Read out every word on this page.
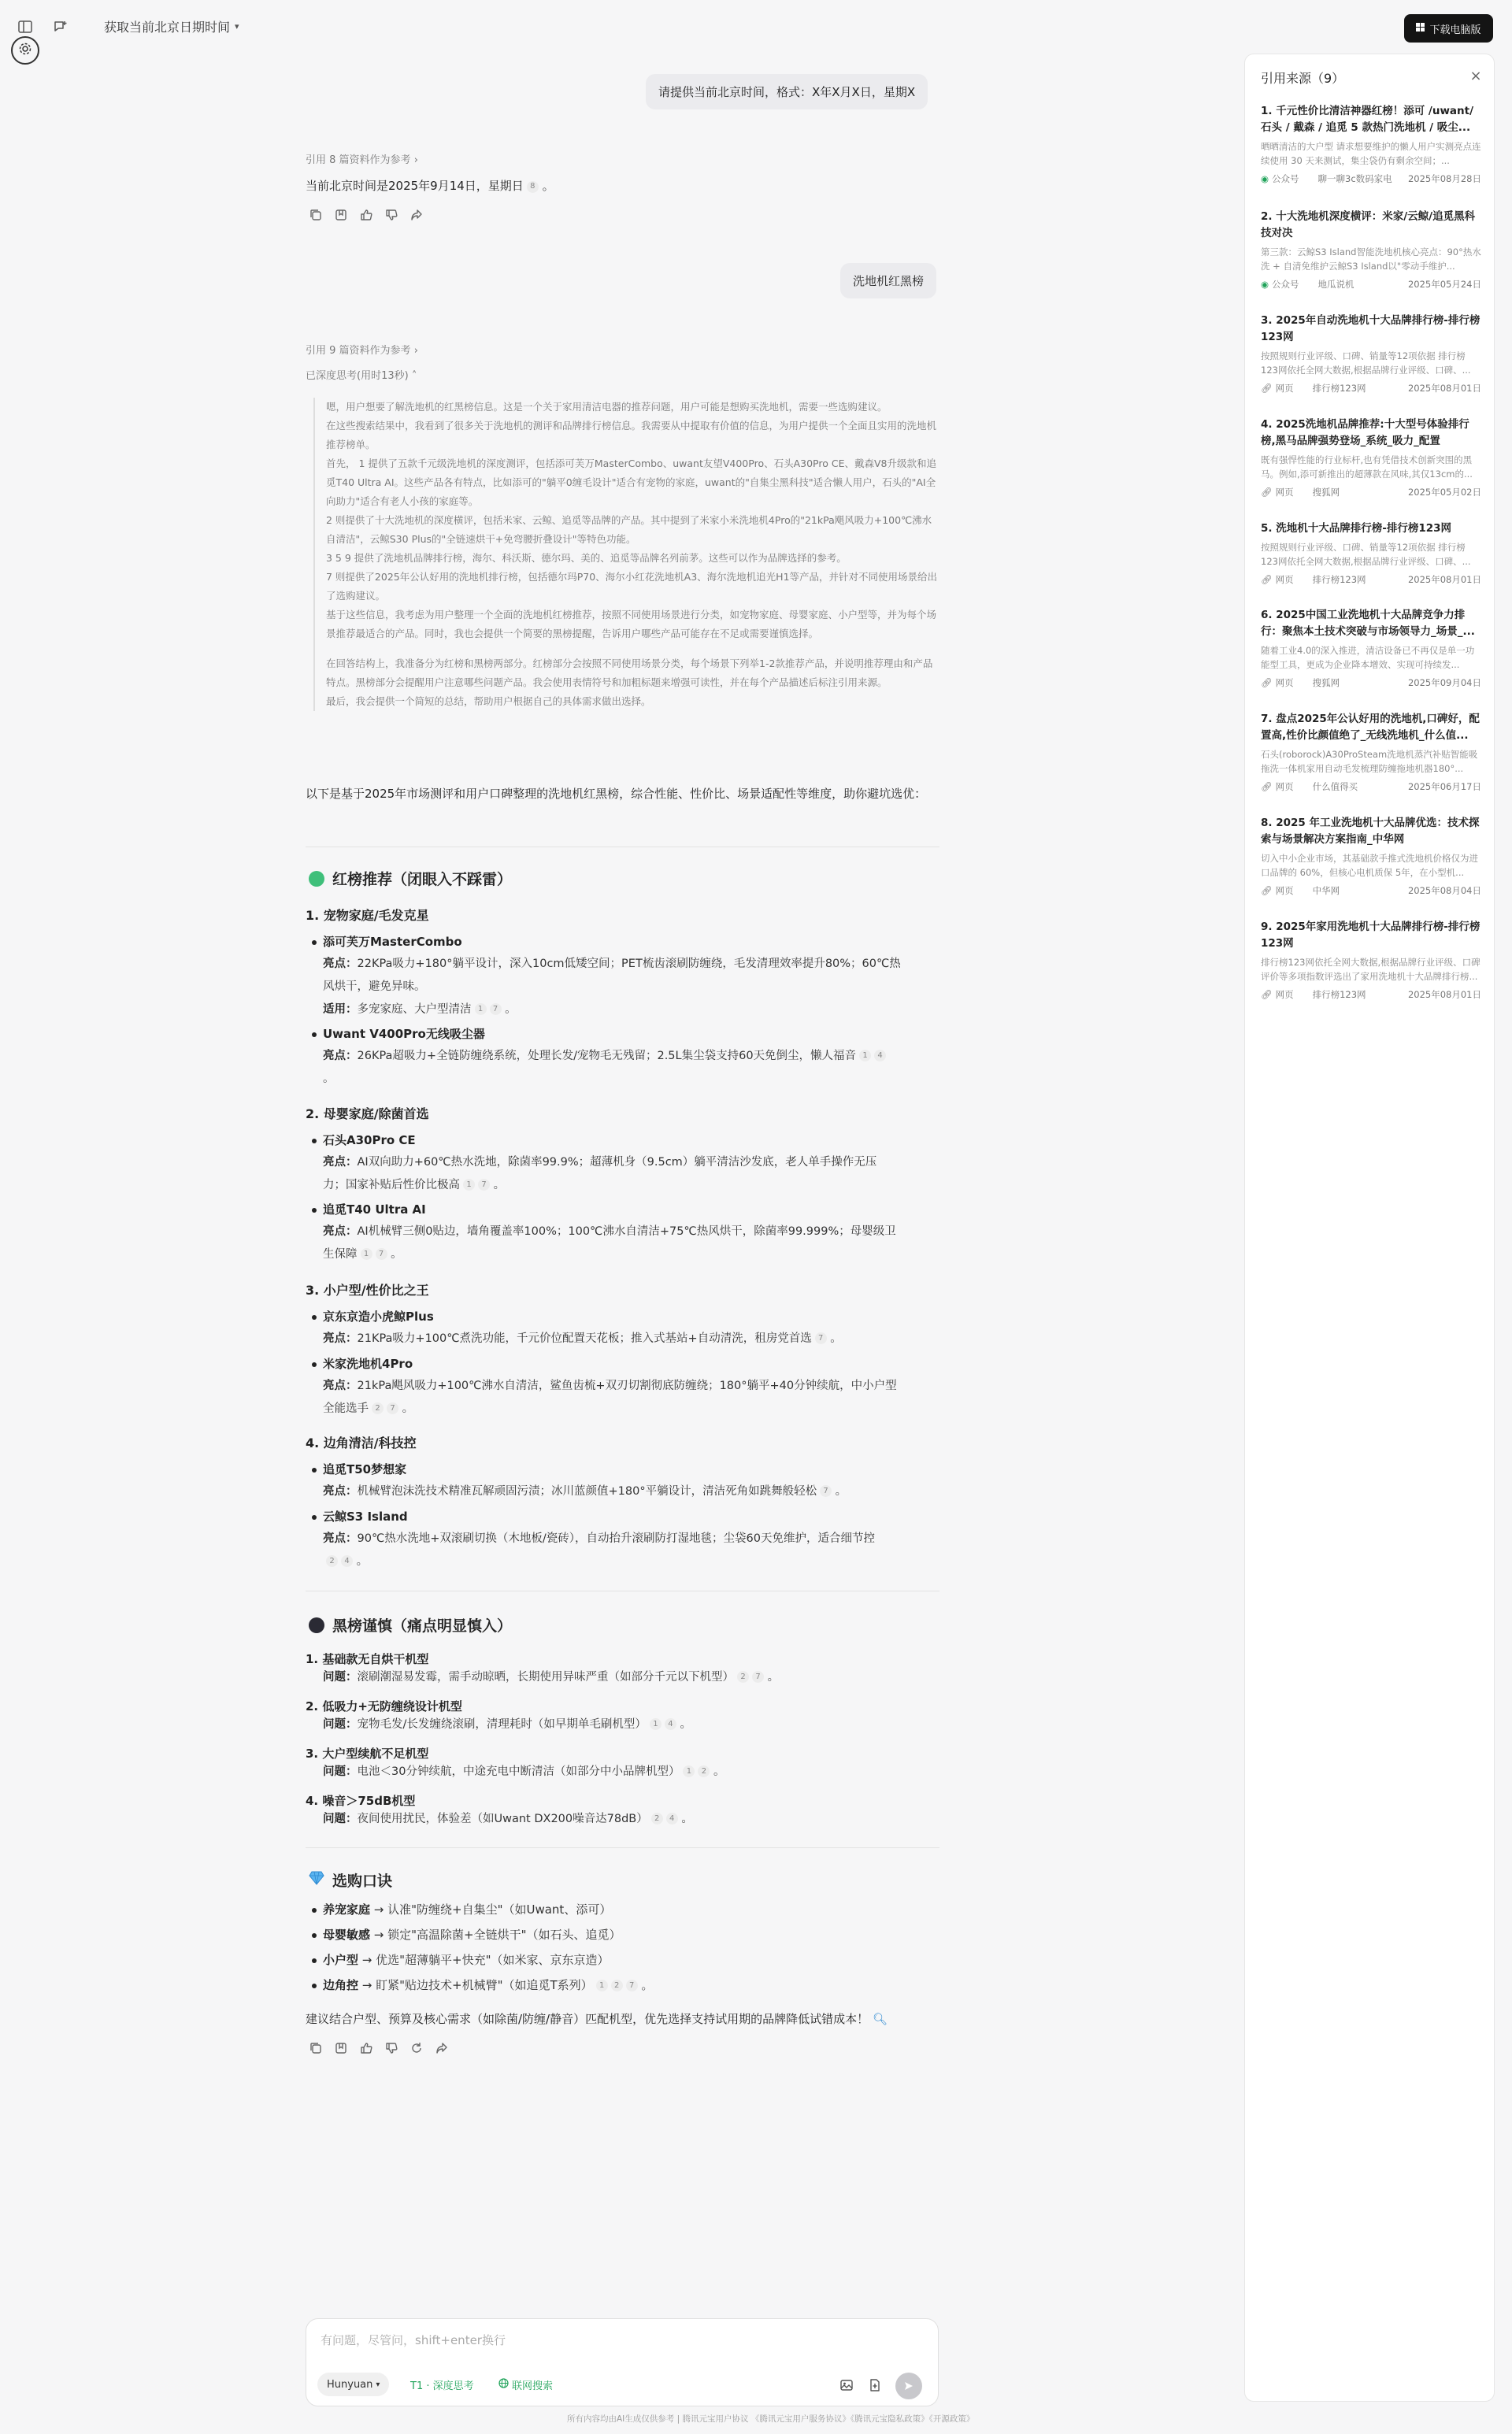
获取当前北京日期时间 ▾	下载电脑版
请提供当前北京时间，格式：X年X月X日，星期X
引用 8 篇资料作为参考 ›
当前北京时间是2025年9月14日，星期日 8 。
洗地机红黑榜
引用 9 篇资料作为参考 ›
已深度思考(用时13秒) ˄

嗯，用户想要了解洗地机的红黑榜信息。这是一个关于家用清洁电器的推荐问题，用户可能是想购买洗地机，需要一些选购建议。

在这些搜索结果中，我看到了很多关于洗地机的测评和品牌排行榜信息。我需要从中提取有价值的信息，为用户提供一个全面且实用的洗地机推荐榜单。

首先， 1 提供了五款千元级洗地机的深度测评，包括添可芙万MasterCombo、uwant友望V400Pro、石头A30Pro CE、戴森V8升级款和追觅T40 Ultra AI。这些产品各有特点，比如添可的"躺平0缠毛设计"适合有宠物的家庭，uwant的"自集尘黑科技"适合懒人用户，石头的"AI全向助力"适合有老人小孩的家庭等。

2 则提供了十大洗地机的深度横评，包括米家、云鲸、追觅等品牌的产品。其中提到了米家小米洗地机4Pro的"21kPa飓风吸力+100℃沸水自清洁"，云鲸S30 Plus的"全链速烘干+免弯腰折叠设计"等特色功能。

3 5 9 提供了洗地机品牌排行榜，海尔、科沃斯、德尔玛、美的、追觅等品牌名列前茅。这些可以作为品牌选择的参考。

7 则提供了2025年公认好用的洗地机排行榜，包括德尔玛P70、海尔小红花洗地机A3、海尔洗地机追光H1等产品，并针对不同使用场景给出了选购建议。

基于这些信息，我考虑为用户整理一个全面的洗地机红榜推荐，按照不同使用场景进行分类，如宠物家庭、母婴家庭、小户型等，并为每个场景推荐最适合的产品。同时，我也会提供一个简要的黑榜提醒，告诉用户哪些产品可能存在不足或需要谨慎选择。

在回答结构上，我准备分为红榜和黑榜两部分。红榜部分会按照不同使用场景分类，每个场景下列举1-2款推荐产品，并说明推荐理由和产品特点。黑榜部分会提醒用户注意哪些问题产品。我会使用表情符号和加粗标题来增强可读性，并在每个产品描述后标注引用来源。

最后，我会提供一个简短的总结，帮助用户根据自己的具体需求做出选择。

以下是基于2025年市场测评和用户口碑整理的洗地机红黑榜，综合性能、性价比、场景适配性等维度，助你避坑选优：
红榜推荐（闭眼入不踩雷）
1. 宠物家庭/毛发克星
添可芙万MasterCombo
亮点：22KPa吸力+180°躺平设计，深入10cm低矮空间；PET梳齿滚刷防缠绕，毛发清理效率提升80%；60℃热
风烘干，避免异味。
适用：多宠家庭、大户型清洁 1 7 。
Uwant V400Pro无线吸尘器
亮点：26KPa超吸力+全链防缠绕系统，处理长发/宠物毛无残留；2.5L集尘袋支持60天免倒尘，懒人福音 1 4
。
2. 母婴家庭/除菌首选
石头A30Pro CE
亮点：AI双向助力+60℃热水洗地，除菌率99.9%；超薄机身（9.5cm）躺平清洁沙发底，老人单手操作无压
力；国家补贴后性价比极高 1 7 。
追觅T40 Ultra AI
亮点：AI机械臂三侧0贴边，墙角覆盖率100%；100℃沸水自清洁+75℃热风烘干，除菌率99.999%；母婴级卫
生保障 1 7 。
3. 小户型/性价比之王
京东京造小虎鲸Plus
亮点：21KPa吸力+100℃煮洗功能，千元价位配置天花板；推入式基站+自动清洗，租房党首选 7 。
米家洗地机4Pro
亮点：21kPa飓风吸力+100℃沸水自清洁，鲨鱼齿梳+双刃切割彻底防缠绕；180°躺平+40分钟续航，中小户型
全能选手 2 7 。
4. 边角清洁/科技控
追觅T50梦想家
亮点：机械臂泡沫洗技术精准瓦解顽固污渍；冰川蓝颜值+180°平躺设计，清洁死角如跳舞般轻松 7 。
云鲸S3 Island
亮点：90℃热水洗地+双滚刷切换（木地板/瓷砖），自动抬升滚刷防打湿地毯；尘袋60天免维护，适合细节控
2 4 。
黑榜谨慎（痛点明显慎入）
1. 基础款无自烘干机型
问题：滚刷潮湿易发霉，需手动晾晒，长期使用异味严重（如部分千元以下机型） 2 7 。
2. 低吸力+无防缠绕设计机型
问题：宠物毛发/长发缠绕滚刷，清理耗时（如早期单毛刷机型） 1 4 。
3. 大户型续航不足机型
问题：电池＜30分钟续航，中途充电中断清洁（如部分中小品牌机型） 1 2 。
4. 噪音＞75dB机型
问题：夜间使用扰民，体验差（如Uwant DX200噪音达78dB） 2 4 。
选购口诀
养宠家庭 → 认准"防缠绕+自集尘"（如Uwant、添可）
母婴敏感 → 锁定"高温除菌+全链烘干"（如石头、追觅）
小户型 → 优选"超薄躺平+快充"（如米家、京东京造）
边角控 → 盯紧"贴边技术+机械臂"（如追觅T系列） 1 2 7 。
建议结合户型、预算及核心需求（如除菌/防缠/静音）匹配机型，优先选择支持试用期的品牌降低试错成本！ 🔍︎
有问题，尽管问，shift+enter换行
Hunyuan ▾	T1 · 深度思考	联网搜索
所有内容均由AI生成仅供参考 | 腾讯元宝用户协议 《腾讯元宝用户服务协议》《腾讯元宝隐私政策》《开源政策》
引用来源（9）	×
1. 千元性价比清洁神器红榜！添可 /uwant/ 石头 / 戴森 / 追觅 5 款热门洗地机 / 吸尘...
晒晒清洁的大户型 请求想要维护的懒人用户实测亮点连续使用 30 天来测试，集尘袋仍有剩余空间；...
◉ 公众号 聊一聊3c数码家电 2025年08月28日
2. 十大洗地机深度横评：米家/云鲸/追觅黑科技对决
第三款：云鲸S3 Island智能洗地机核心亮点：90°热水洗 + 自清免维护云鲸S3 Island以"零动手维护...
◉ 公众号 地瓜说机	2025年05月24日
3. 2025年自动洗地机十大品牌排行榜-排行榜123网
按照规则行业评级、口碑、销量等12项依据 排行榜123网依托全网大数据,根据品牌行业评级、口碑、...
🔗︎ 网页 排行榜123网	2025年08月01日
4. 2025洗地机品牌推荐:十大型号体验排行榜,黑马品牌强势登场_系统_吸力_配置
既有强悍性能的行业标杆,也有凭借技术创新突围的黑马。例如,添可新推出的超薄款在风味,其仅13cm的...
🔗︎ 网页 搜狐网	2025年05月02日
5. 洗地机十大品牌排行榜-排行榜123网
按照规则行业评级、口碑、销量等12项依据 排行榜123网依托全网大数据,根据品牌行业评级、口碑、...
🔗︎ 网页 排行榜123网	2025年08月01日
6. 2025中国工业洗地机十大品牌竞争力排行：聚焦本土技术突破与市场领导力_场景_...
随着工业4.0的深入推进，清洁设备已不再仅是单一功能型工具，更成为企业降本增效、实现可持续发...
🔗︎ 网页 搜狐网	2025年09月04日
7. 盘点2025年公认好用的洗地机,口碑好，配置高,性价比颜值绝了_无线洗地机_什么值...
石头(roborock)A30ProSteam洗地机蒸汽补贴智能吸拖洗一体机家用自动毛发梳理防缠拖地机器180°...
🔗︎ 网页 什么值得买	2025年06月17日
8. 2025 年工业洗地机十大品牌优选：技术探索与场景解决方案指南_中华网
切入中小企业市场，其基础款手推式洗地机价格仅为进口品牌的 60%，但核心电机质保 5年，在小型机...
🔗︎ 网页 中华网	2025年08月04日
9. 2025年家用洗地机十大品牌排行榜-排行榜123网
排行榜123网依托全网大数据,根据品牌行业评级、口碑评价等多项指数评选出了家用洗地机十大品牌排行榜...
🔗︎ 网页 排行榜123网	2025年08月01日
